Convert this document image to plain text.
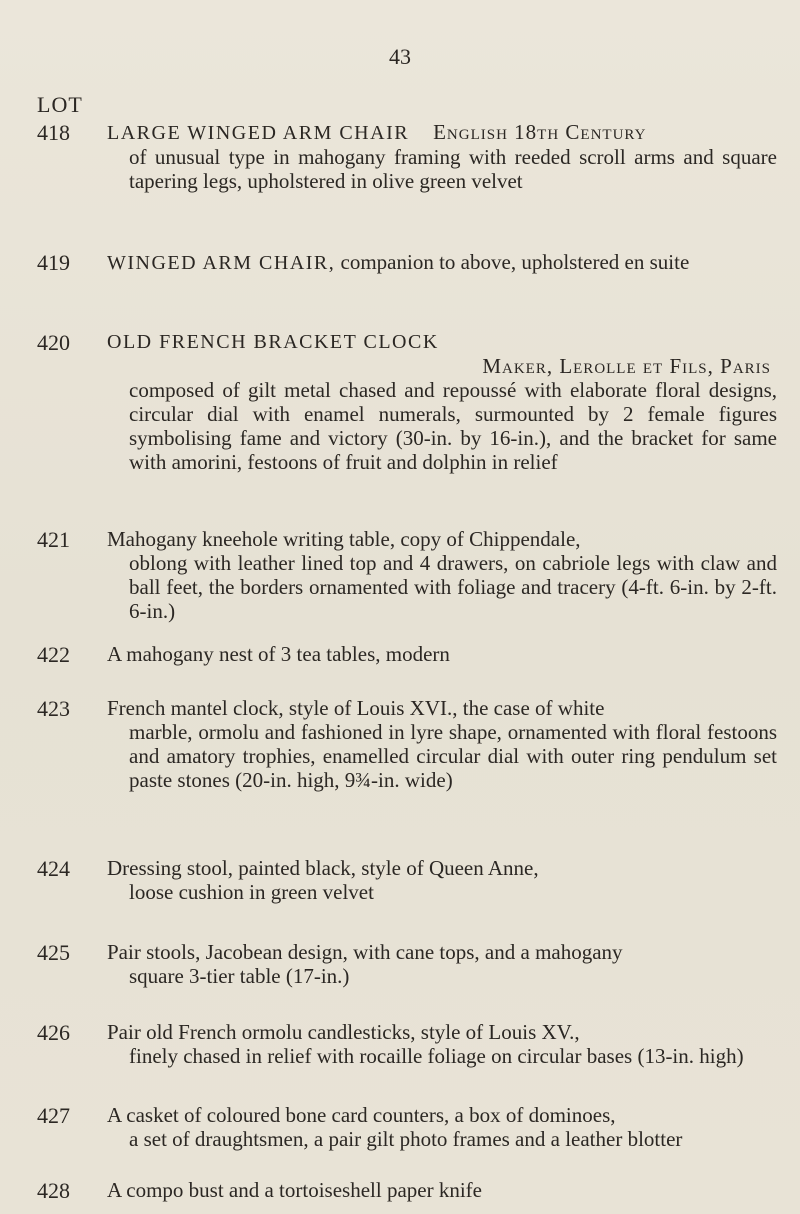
43
LOT
418	LARGE WINGED ARM CHAIR English 18th Century
of unusual type in mahogany framing with reeded scroll arms and square tapering legs, upholstered in olive green velvet
419	WINGED ARM CHAIR, companion to above, upholstered en suite
420	OLD FRENCH BRACKET CLOCK
Maker, Lerolle et Fils, Paris
composed of gilt metal chased and repoussé with elaborate floral designs, circular dial with enamel numerals, surmounted by 2 female figures symbolising fame and victory (30-in. by 16-in.), and the bracket for same with amorini, festoons of fruit and dolphin in relief
421	Mahogany kneehole writing table, copy of Chippendale,
oblong with leather lined top and 4 drawers, on cabriole legs with claw and ball feet, the borders ornamented with foliage and tracery (4-ft. 6-in. by 2-ft. 6-in.)
422	A mahogany nest of 3 tea tables, modern
423	French mantel clock, style of Louis XVI., the case of white
marble, ormolu and fashioned in lyre shape, ornamented with floral festoons and amatory trophies, enamelled circular dial with outer ring pendulum set paste stones (20-in. high, 9¾-in. wide)
424	Dressing stool, painted black, style of Queen Anne,
loose cushion in green velvet
425	Pair stools, Jacobean design, with cane tops, and a mahogany
square 3-tier table (17-in.)
426	Pair old French ormolu candlesticks, style of Louis XV.,
finely chased in relief with rocaille foliage on circular bases (13-in. high)
427	A casket of coloured bone card counters, a box of dominoes,
a set of draughtsmen, a pair gilt photo frames and a leather blotter
428	A compo bust and a tortoiseshell paper knife
